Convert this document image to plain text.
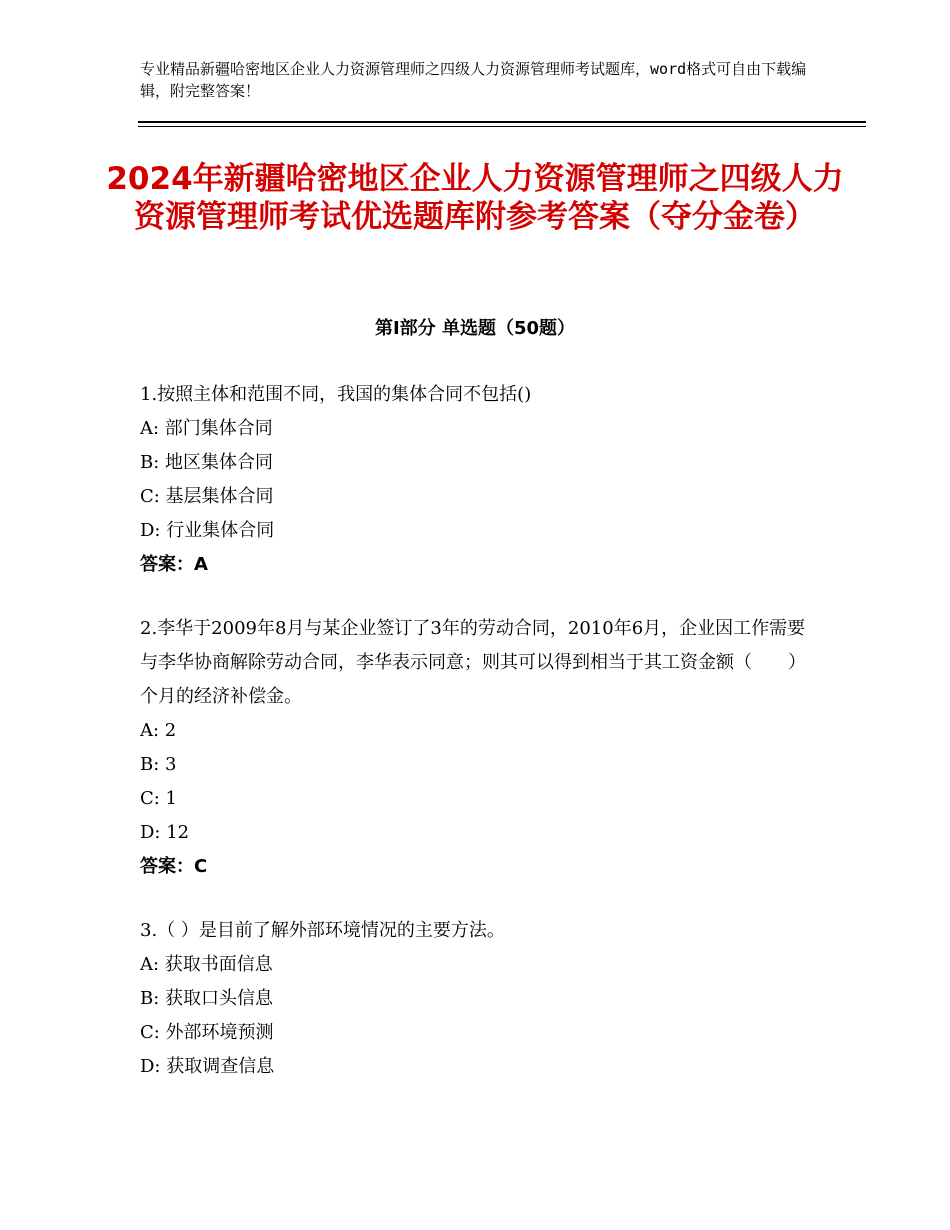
专业精品新疆哈密地区企业人力资源管理师之四级人力资源管理师考试题库，word格式可自由下载编辑，附完整答案！
2024年新疆哈密地区企业人力资源管理师之四级人力资源管理师考试优选题库附参考答案（夺分金卷）
第Ⅰ部分 单选题（50题）

1.按照主体和范围不同，我国的集体合同不包括()

A: 部门集体合同

B: 地区集体合同

C: 基层集体合同

D: 行业集体合同

答案：A

2.李华于2009年8月与某企业签订了3年的劳动合同，2010年6月，企业因工作需要与李华协商解除劳动合同，李华表示同意；则其可以得到相当于其工资金额（　　）个月的经济补偿金。

A: 2

B: 3

C: 1

D: 12

答案：C

3.（ ）是目前了解外部环境情况的主要方法。

A: 获取书面信息

B: 获取口头信息

C: 外部环境预测

D: 获取调查信息
